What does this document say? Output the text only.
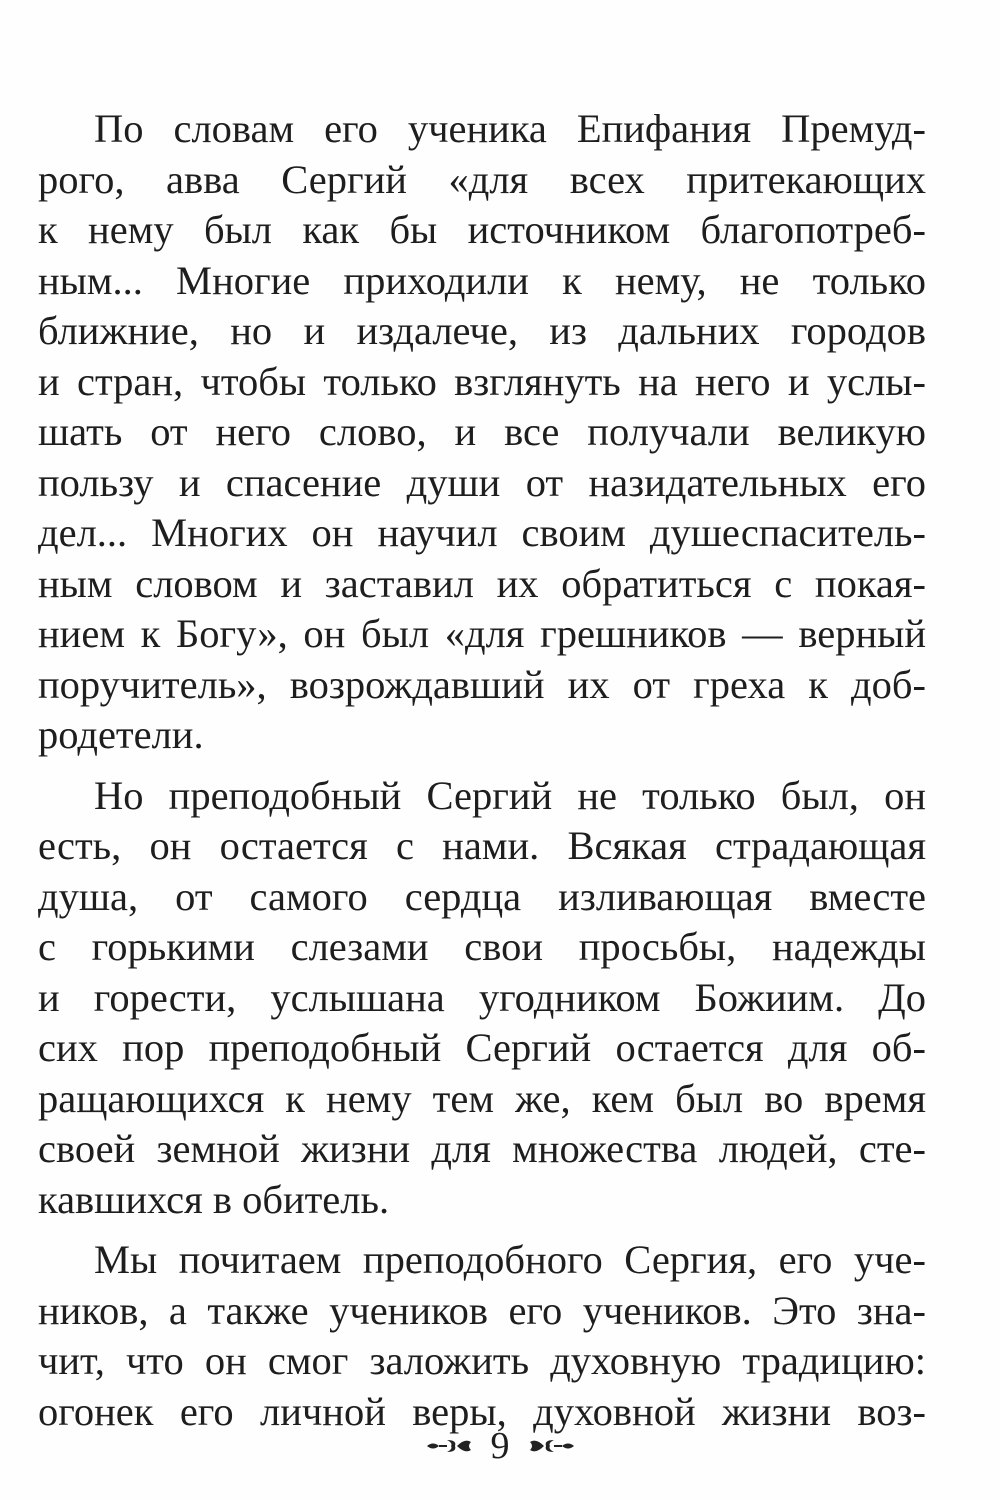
По словам его ученика Епифания Премуд-
рого, авва Сергий «для всех притекающих
к нему был как бы источником благопотреб-
ным... Многие приходили к нему, не только
ближние, но и издалече, из дальних городов
и стран, чтобы только взглянуть на него и услы-
шать от него слово, и все получали великую
пользу и спасение души от назидательных его
дел... Многих он научил своим душеспаситель-
ным словом и заставил их обратиться с покая-
нием к Богу», он был «для грешников — верный
поручитель», возрождавший их от греха к доб-
родетели.

Но преподобный Сергий не только был, он
есть, он остается с нами. Всякая страдающая
душа, от самого сердца изливающая вместе
с горькими слезами свои просьбы, надежды
и горести, услышана угодником Божиим. До
сих пор преподобный Сергий остается для об-
ращающихся к нему тем же, кем был во время
своей земной жизни для множества людей, сте-
кавшихся в обитель.

Мы почитаем преподобного Сергия, его уче-
ников, а также учеников его учеников. Это зна-
чит, что он смог заложить духовную традицию:
огонек его личной веры, духовной жизни воз-

9
